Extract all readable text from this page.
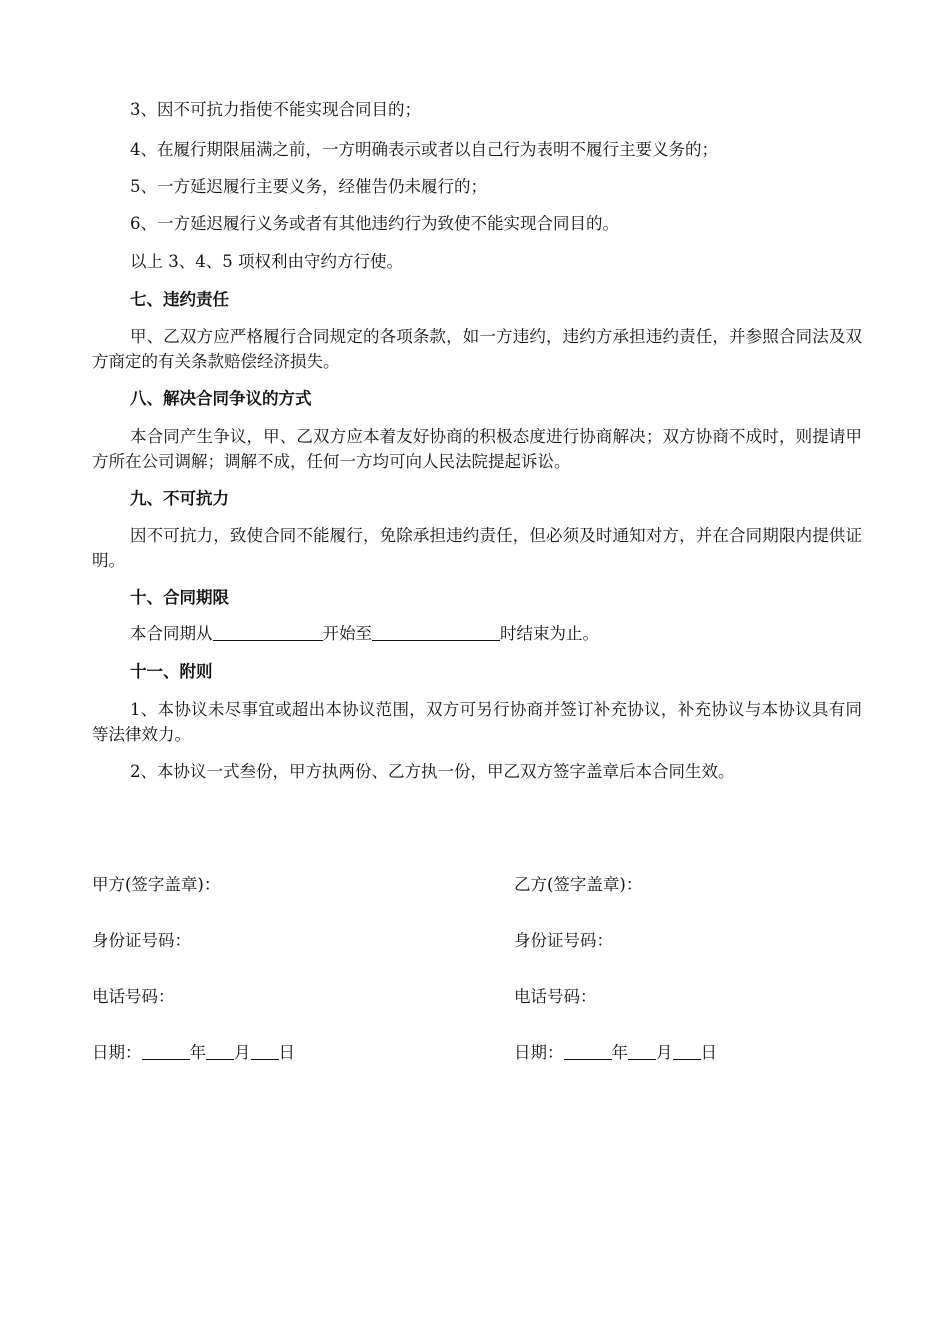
3、因不可抗力指使不能实现合同目的；
4、在履行期限届满之前，一方明确表示或者以自己行为表明不履行主要义务的；
5、一方延迟履行主要义务，经催告仍未履行的；
6、一方延迟履行义务或者有其他违约行为致使不能实现合同目的。
以上 3、4、5 项权利由守约方行使。
七、违约责任
甲、乙双方应严格履行合同规定的各项条款，如一方违约，违约方承担违约责任，并参照合同法及双方商定的有关条款赔偿经济损失。
八、解决合同争议的方式
本合同产生争议，甲、乙双方应本着友好协商的积极态度进行协商解决；双方协商不成时，则提请甲方所在公司调解；调解不成，任何一方均可向人民法院提起诉讼。
九、不可抗力
因不可抗力，致使合同不能履行，免除承担违约责任，但必须及时通知对方，并在合同期限内提供证明。
十、合同期限
本合同期从	开始至	时结束为止。
十一、附则
1、本协议未尽事宜或超出本协议范围，双方可另行协商并签订补充协议，补充协议与本协议具有同等法律效力。
2、本协议一式叁份，甲方执两份、乙方执一份，甲乙双方签字盖章后本合同生效。
甲方(签字盖章)：	乙方(签字盖章)：
身份证号码：	身份证号码：
电话号码：	电话号码：
日期：	年 月 日	日期：	年 月 日
